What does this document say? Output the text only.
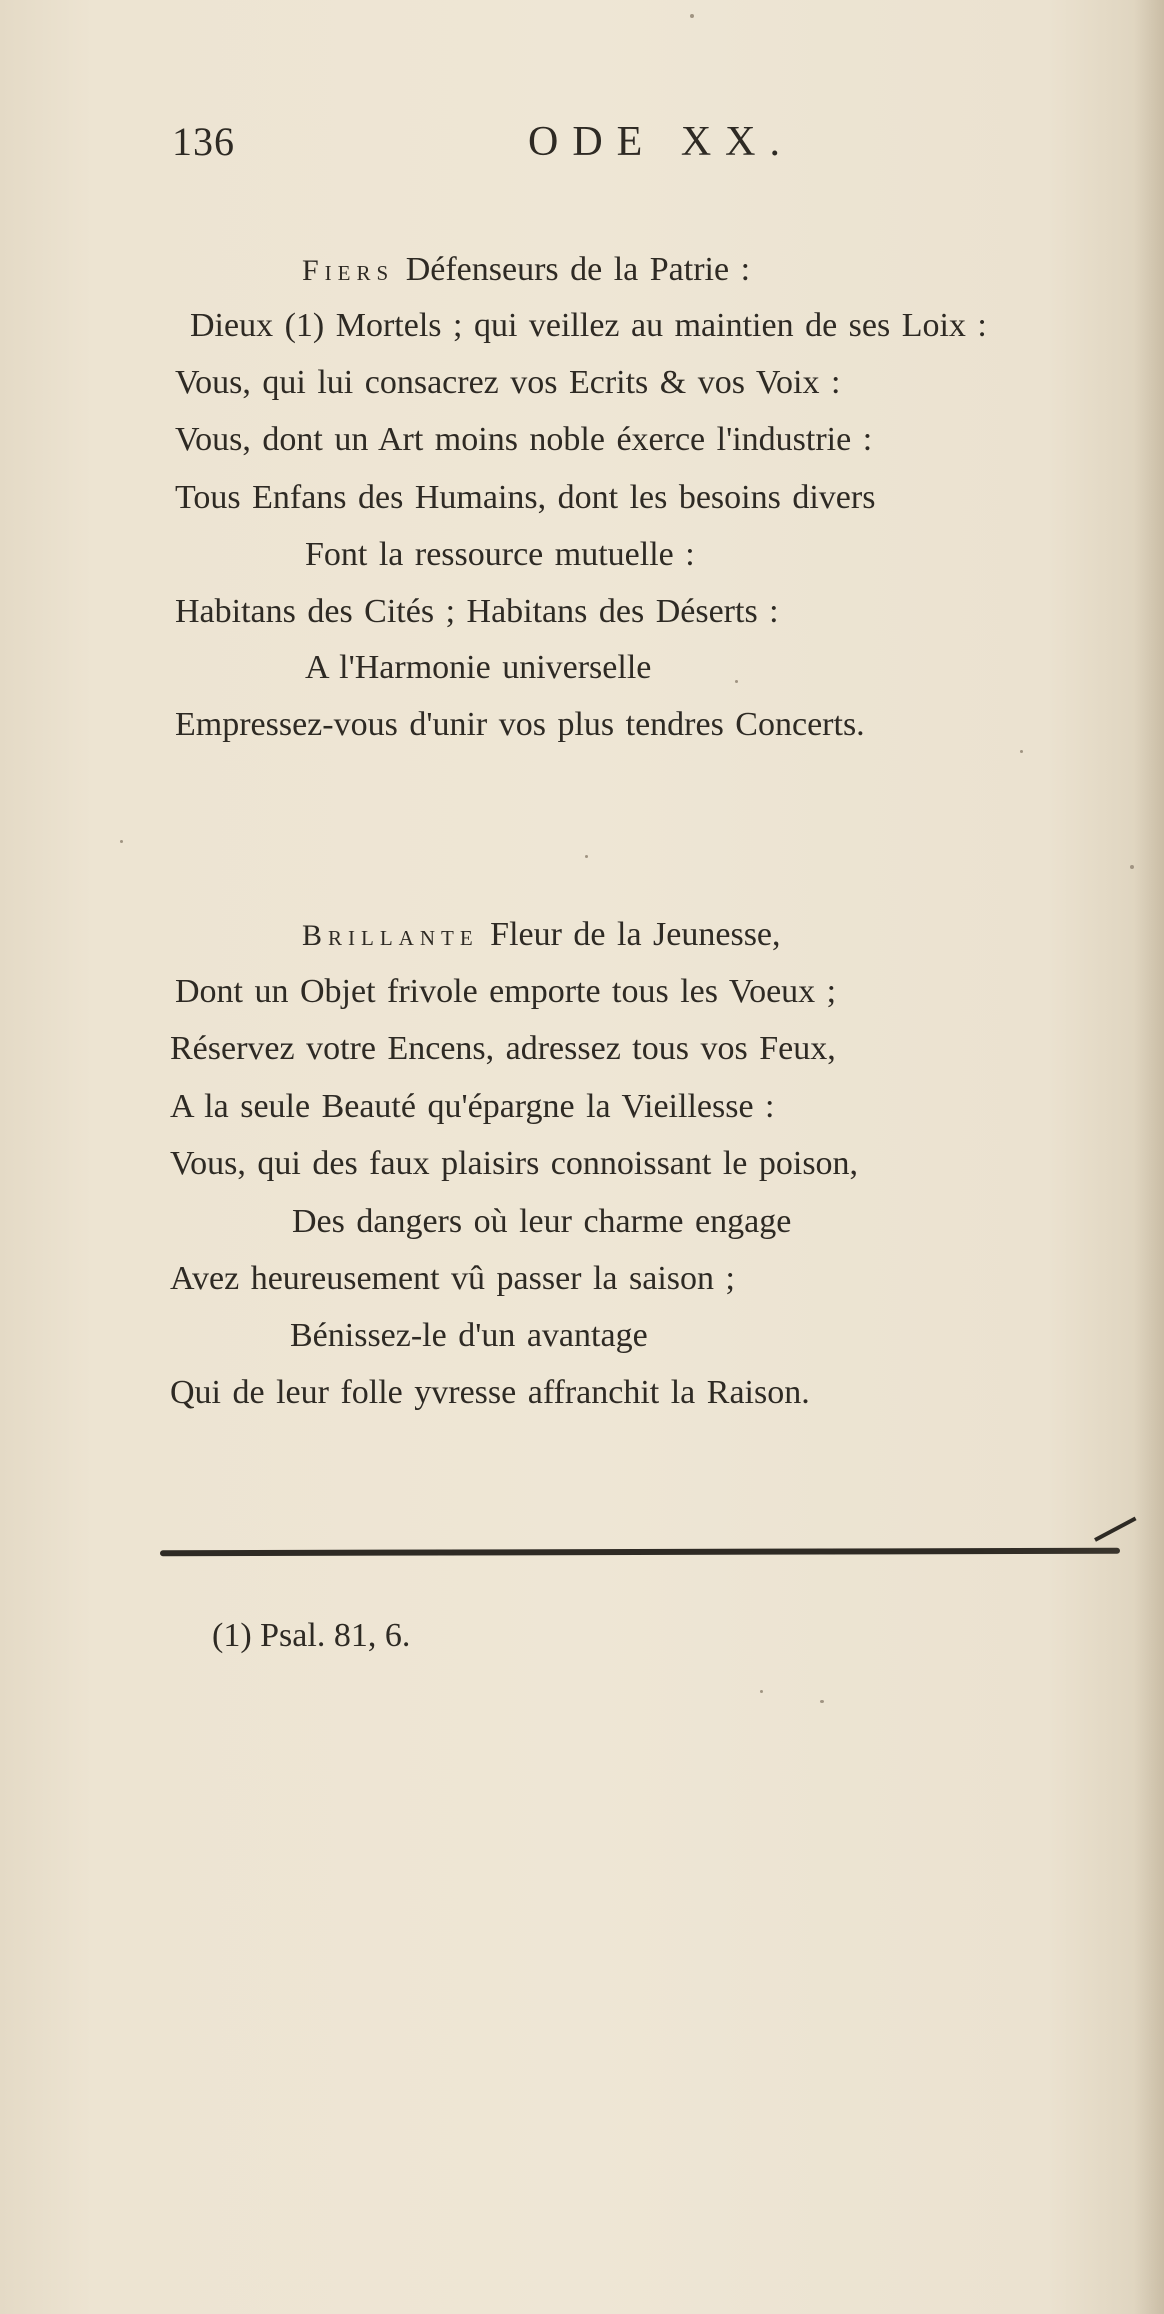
136	ODE XX.
Fiers Défenseurs de la Patrie :
Dieux (1) Mortels ; qui veillez au maintien de ses Loix :
Vous, qui lui consacrez vos Ecrits & vos Voix :
Vous, dont un Art moins noble éxerce l'industrie :
Tous Enfans des Humains, dont les besoins divers
Font la ressource mutuelle :
Habitans des Cités ; Habitans des Déserts :
A l'Harmonie universelle
Empressez-vous d'unir vos plus tendres Concerts.
Brillante Fleur de la Jeunesse,
Dont un Objet frivole emporte tous les Voeux ;
Réservez votre Encens, adressez tous vos Feux,
A la seule Beauté qu'épargne la Vieillesse :
Vous, qui des faux plaisirs connoissant le poison,
Des dangers où leur charme engage
Avez heureusement vû passer la saison ;
Bénissez-le d'un avantage
Qui de leur folle yvresse affranchit la Raison.
(1) Psal. 81, 6.
